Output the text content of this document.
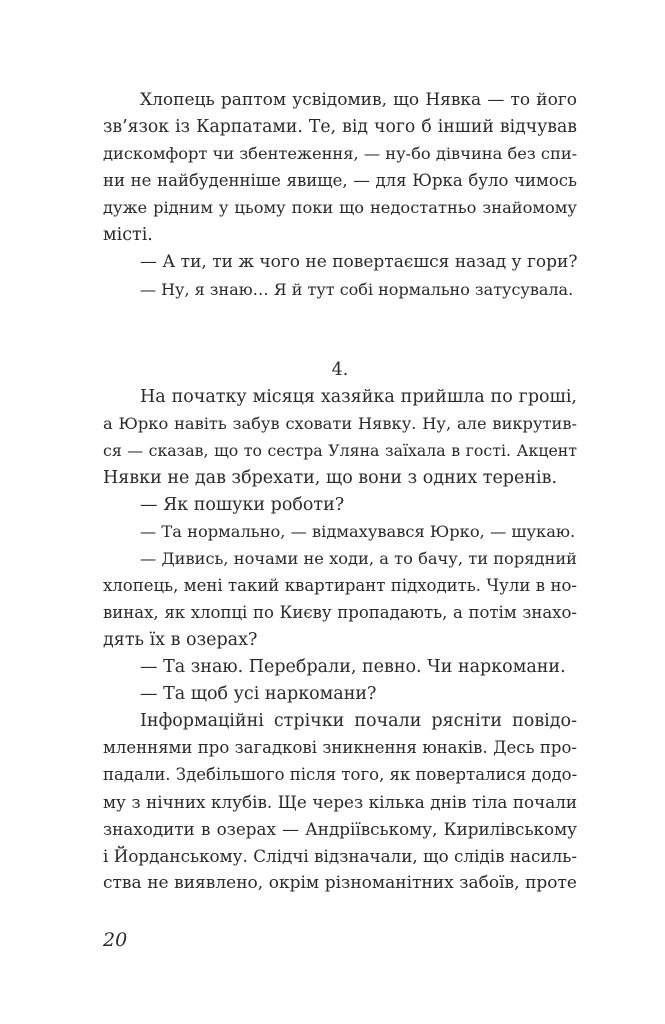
Хлопець раптом усвідомив, що Нявка — то його
зв’язок із Карпатами. Те, від чого б інший відчував
дискомфорт чи збентеження, — ну-бо дівчина без спи-
ни не найбуденніше явище, — для Юрка було чимось
дуже рідним у цьому поки що недостатньо знайомому
місті.
— А ти, ти ж чого не повертаєшся назад у гори?
— Ну, я знаю… Я й тут собі нормально затусувала.
4.
На початку місяця хазяйка прийшла по гроші,
а Юрко навіть забув сховати Нявку. Ну, але викрутив-
ся — сказав, що то сестра Уляна заїхала в гості. Акцент
Нявки не дав збрехати, що вони з одних теренів.
— Як пошуки роботи?
— Та нормально, — відмахувався Юрко, — шукаю.
— Дивись, ночами не ходи, а то бачу, ти порядний
хлопець, мені такий квартирант підходить. Чули в но-
винах, як хлопці по Києву пропадають, а потім знахо-
дять їх в озерах?
— Та знаю. Перебрали, певно. Чи наркомани.
— Та щоб усі наркомани?
Інформаційні стрічки почали рясніти повідо-
мленнями про загадкові зникнення юнаків. Десь про-
падали. Здебільшого після того, як поверталися додо-
му з нічних клубів. Ще через кілька днів тіла почали
знаходити в озерах — Андріївському, Кирилівському
і Йорданському. Слідчі відзначали, що слідів насиль-
ства не виявлено, окрім різноманітних забоїв, проте
20
